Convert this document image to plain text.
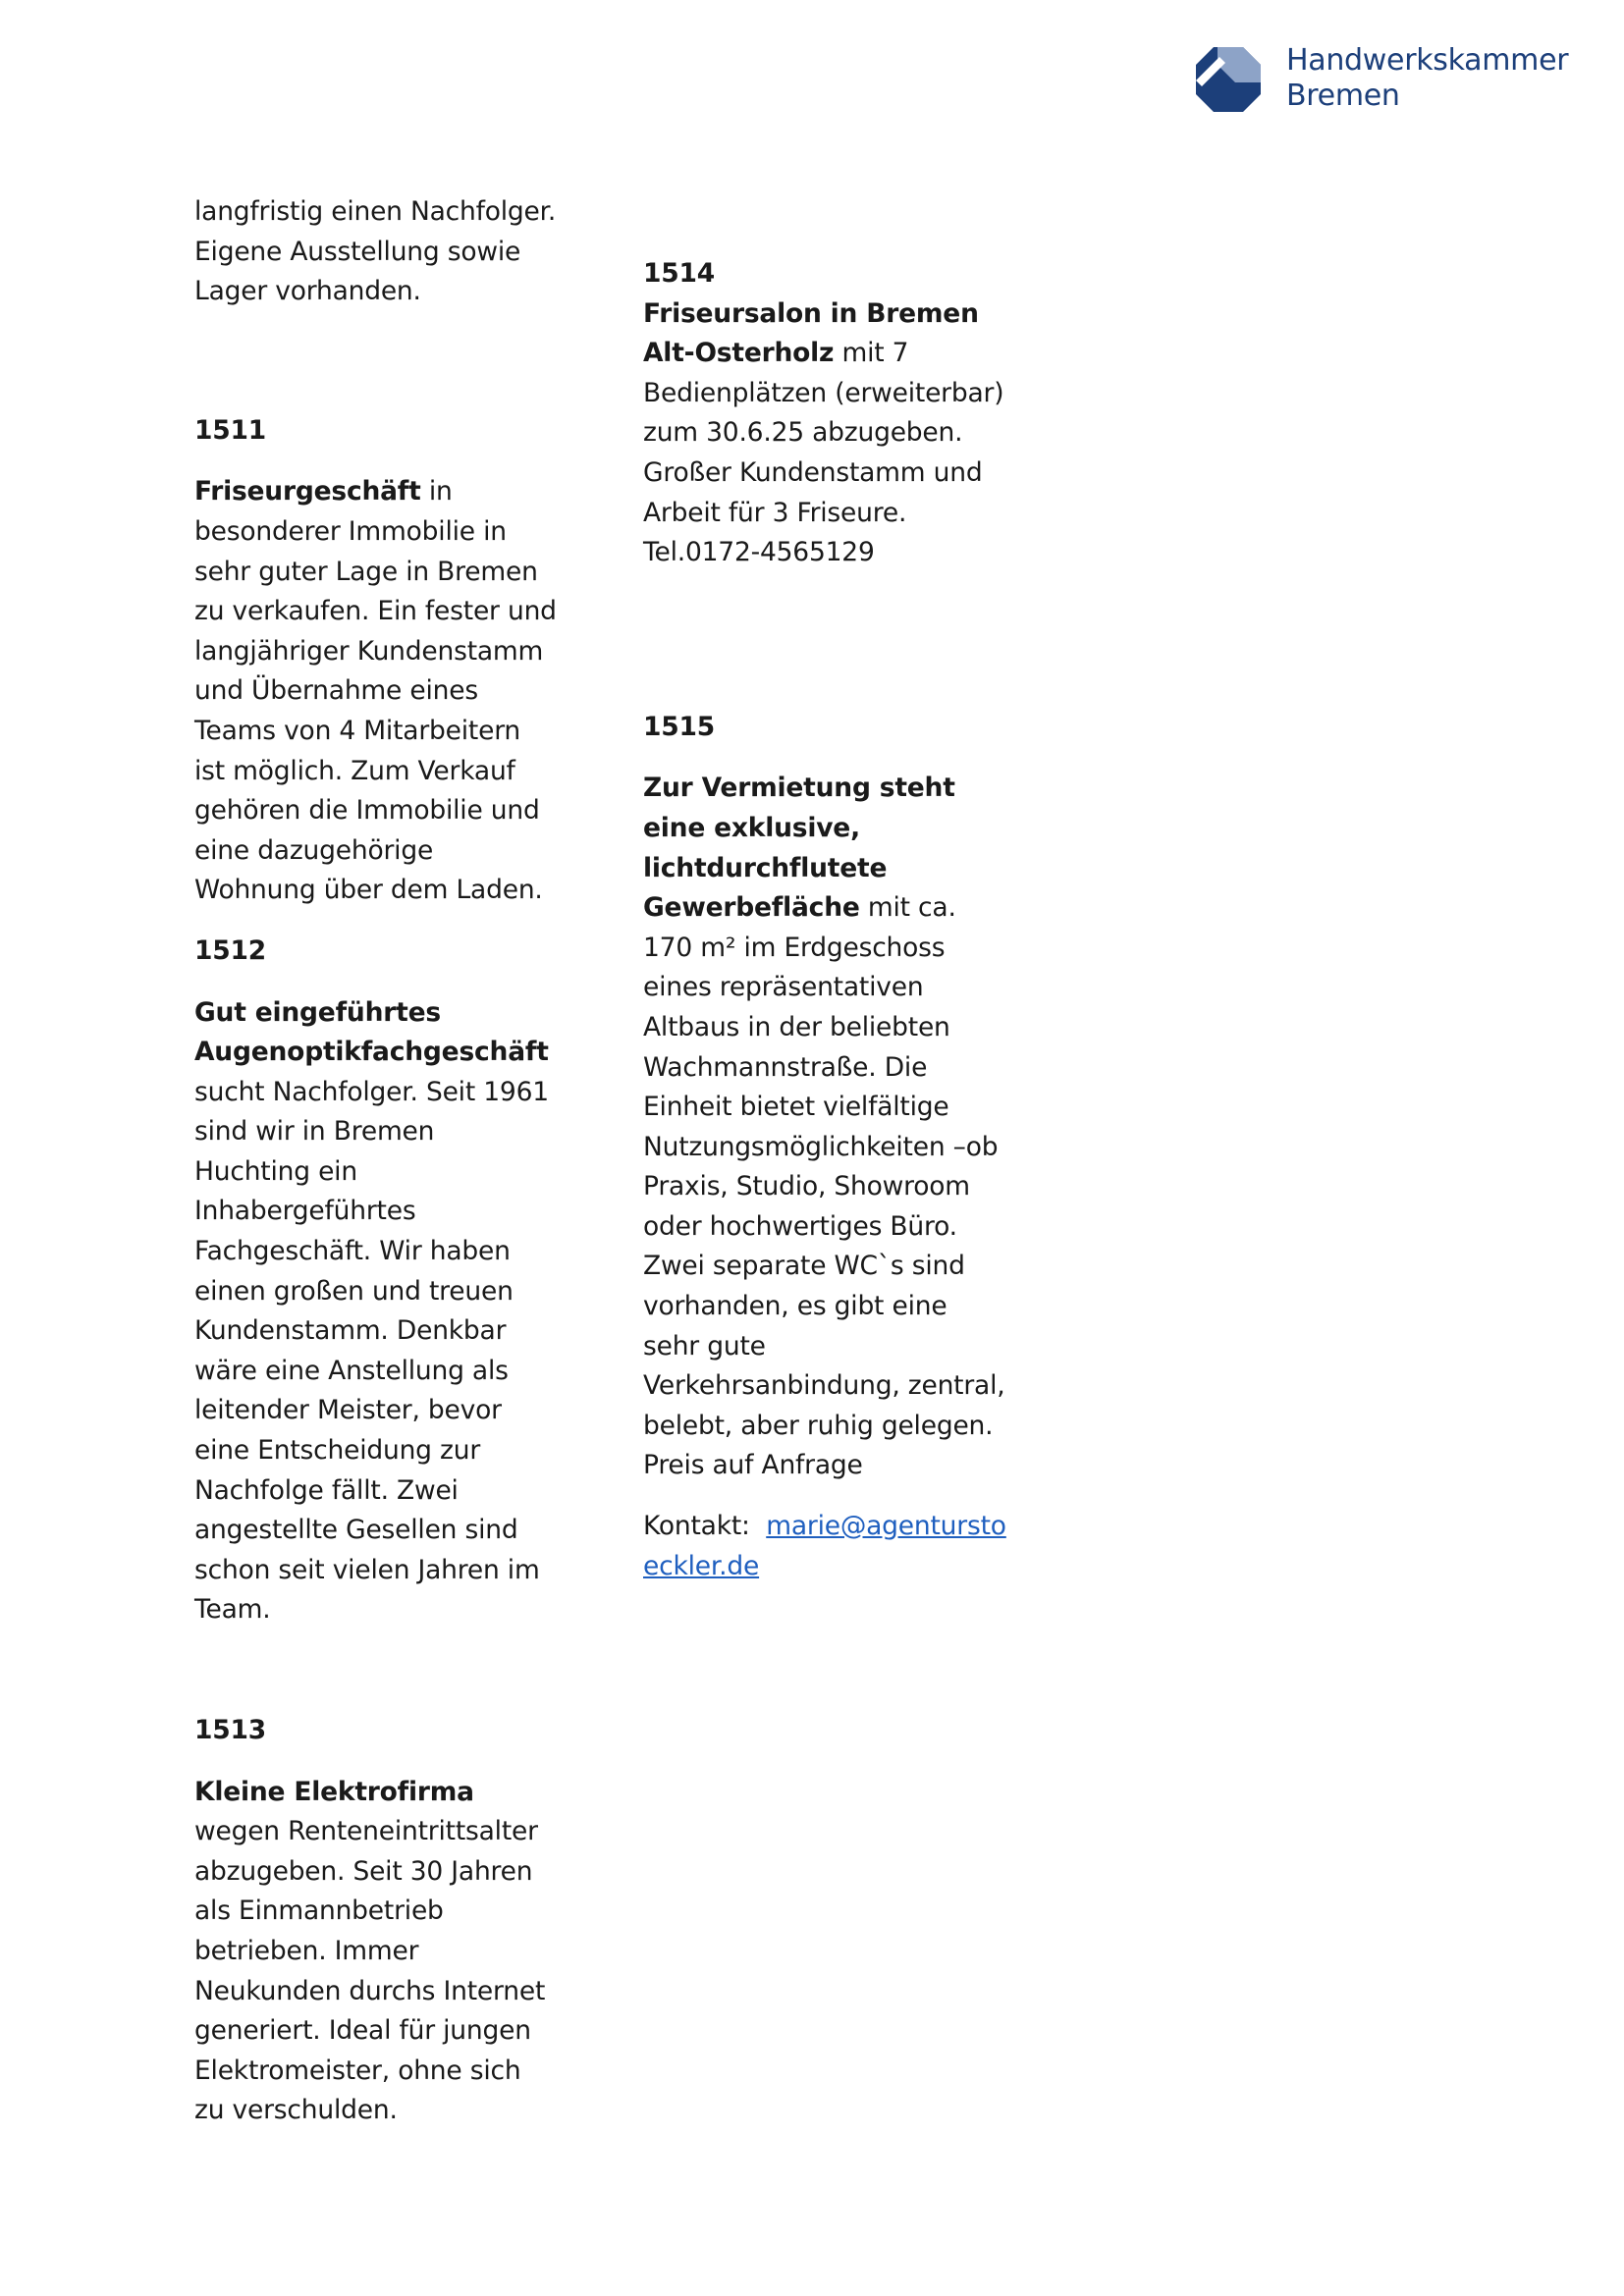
Handwerkskammer
Bremen

langfristig einen Nachfolger. Eigene Ausstellung sowie Lager vorhanden.

1511

Friseurgeschäft in besonderer Immobilie in sehr guter Lage in Bremen zu verkaufen. Ein fester und langjähriger Kundenstamm und Übernahme eines Teams von 4 Mitarbeitern ist möglich. Zum Verkauf gehören die Immobilie und eine dazugehörige Wohnung über dem Laden.

1512

Gut eingeführtes Augenoptikfachgeschäft sucht Nachfolger. Seit 1961 sind wir in Bremen Huchting ein Inhabergeführtes Fachgeschäft. Wir haben einen großen und treuen Kundenstamm. Denkbar wäre eine Anstellung als leitender Meister, bevor eine Entscheidung zur Nachfolge fällt. Zwei angestellte Gesellen sind schon seit vielen Jahren im Team.

1513

Kleine Elektrofirma wegen Renteneintrittsalter abzugeben. Seit 30 Jahren als Einmannbetrieb betrieben. Immer Neukunden durchs Internet generiert. Ideal für jungen Elektromeister, ohne sich zu verschulden.

1514

Friseursalon in Bremen Alt-Osterholz mit 7 Bedienplätzen (erweiterbar) zum 30.6.25 abzugeben. Großer Kundenstamm und Arbeit für 3 Friseure. Tel.0172-4565129

1515

Zur Vermietung steht eine exklusive, lichtdurchflutete Gewerbefläche mit ca. 170 m² im Erdgeschoss eines repräsentativen Altbaus in der beliebten Wachmannstraße. Die Einheit bietet vielfältige Nutzungsmöglichkeiten –ob Praxis, Studio, Showroom oder hochwertiges Büro. Zwei separate WC`s sind vorhanden, es gibt eine sehr gute Verkehrsanbindung, zentral, belebt, aber ruhig gelegen. Preis auf Anfrage

Kontakt: marie@agenturstoeckler.de
